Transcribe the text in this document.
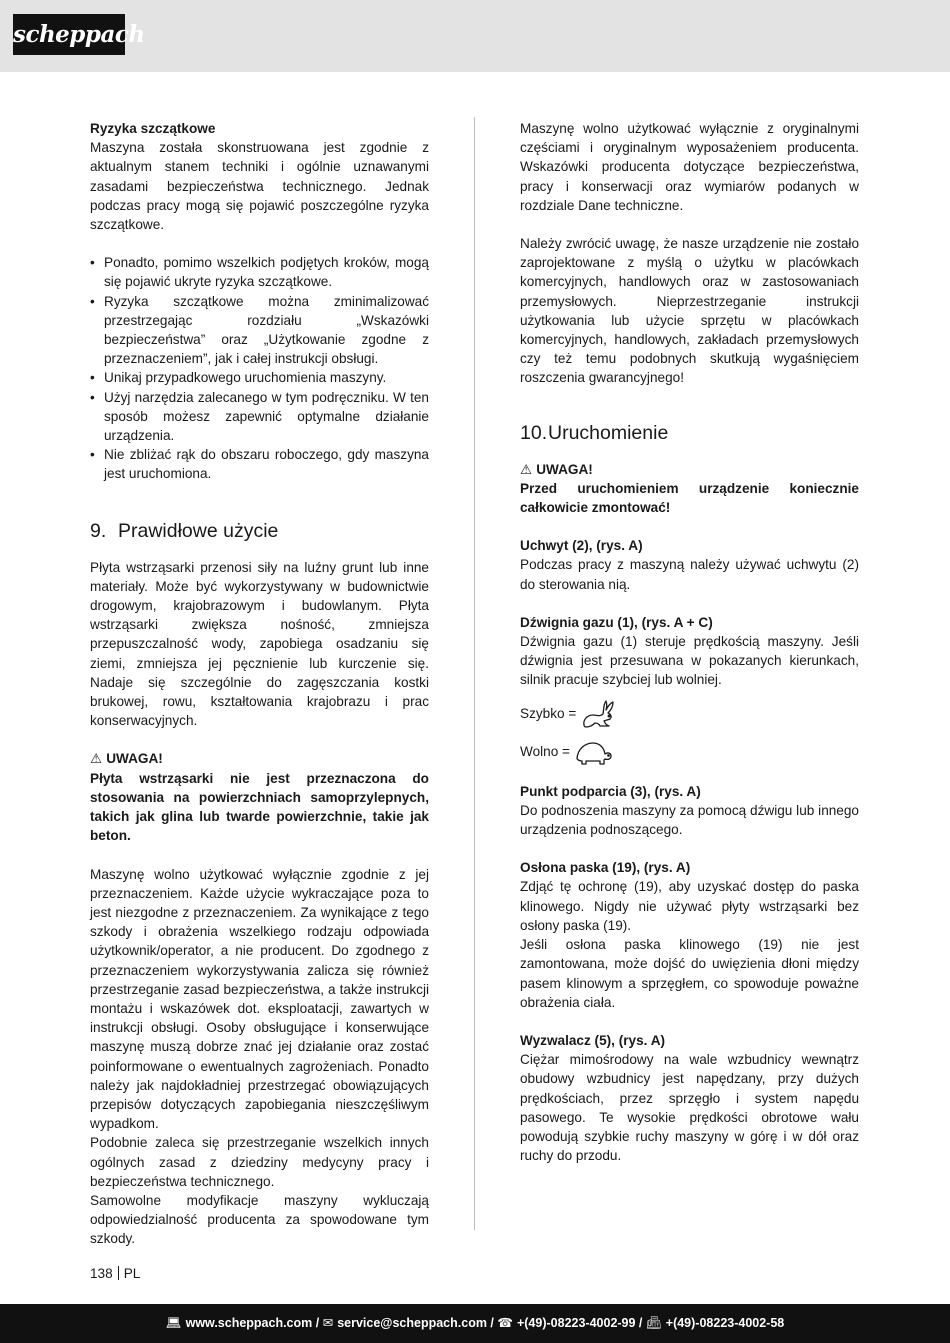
scheppach
Ryzyka szczątkowe

Maszyna została skonstruowana jest zgodnie z aktualnym stanem techniki i ogólnie uznawanymi zasadami bezpieczeństwa technicznego. Jednak podczas pracy mogą się pojawić poszczególne ryzyka szczątkowe.

• Ponadto, pomimo wszelkich podjętych kroków, mogą się pojawić ukryte ryzyka szczątkowe.
• Ryzyka szczątkowe można zminimalizować przestrzegając rozdziału „Wskazówki bezpieczeństwa” oraz „Użytkowanie zgodne z przeznaczeniem”, jak i całej instrukcji obsługi.
• Unikaj przypadkowego uruchomienia maszyny.
• Użyj narzędzia zalecanego w tym podręczniku. W ten sposób możesz zapewnić optymalne działanie urządzenia.
• Nie zbliżać rąk do obszaru roboczego, gdy maszyna jest uruchomiona.
9. Prawidłowe użycie

Płyta wstrząsarki przenosi siły na luźny grunt lub inne materiały. Może być wykorzystywany w budownictwie drogowym, krajobrazowym i budowlanym. Płyta wstrząsarki zwiększa nośność, zmniejsza przepuszczalność wody, zapobiega osadzaniu się ziemi, zmniejsza jej pęcznienie lub kurczenie się. Nadaje się szczególnie do zagęszczania kostki brukowej, rowu, kształtowania krajobrazu i prac konserwacyjnych.

⚠ UWAGA!

Płyta wstrząsarki nie jest przeznaczona do stosowania na powierzchniach samoprzylepnych, takich jak glina lub twarde powierzchnie, takie jak beton.

Maszynę wolno użytkować wyłącznie zgodnie z jej przeznaczeniem. Każde użycie wykraczające poza to jest niezgodne z przeznaczeniem. Za wynikające z tego szkody i obrażenia wszelkiego rodzaju odpowiada użytkownik/operator, a nie producent. Do zgodnego z przeznaczeniem wykorzystywania zalicza się również przestrzeganie zasad bezpieczeństwa, a także instrukcji montażu i wskazówek dot. eksploatacji, zawartych w instrukcji obsługi. Osoby obsługujące i konserwujące maszynę muszą dobrze znać jej działanie oraz zostać poinformowane o ewentualnych zagrożeniach. Ponadto należy jak najdokładniej przestrzegać obowiązujących przepisów dotyczących zapobiegania nieszczęśliwym wypadkom.

Podobnie zaleca się przestrzeganie wszelkich innych ogólnych zasad z dziedziny medycyny pracy i bezpieczeństwa technicznego.

Samowolne modyfikacje maszyny wykluczają odpowiedzialność producenta za spowodowane tym szkody.

Maszynę wolno użytkować wyłącznie z oryginalnymi częściami i oryginalnym wyposażeniem producenta. Wskazówki producenta dotyczące bezpieczeństwa, pracy i konserwacji oraz wymiarów podanych w rozdziale Dane techniczne.

Należy zwrócić uwagę, że nasze urządzenie nie zostało zaprojektowane z myślą o użytku w placówkach komercyjnych, handlowych oraz w zastosowaniach przemysłowych. Nieprzestrzeganie instrukcji użytkowania lub użycie sprzętu w placówkach komercyjnych, handlowych, zakładach przemysłowych czy też temu podobnych skutkują wygaśnięciem roszczenia gwarancyjnego!

10.Uruchomienie
⚠ UWAGA!

Przed uruchomieniem urządzenie koniecznie całkowicie zmontować!

Uchwyt (2), (rys. A)

Podczas pracy z maszyną należy używać uchwytu (2) do sterowania nią.

Dźwignia gazu (1), (rys. A + C)

Dźwignia gazu (1) steruje prędkością maszyny. Jeśli dźwignia jest przesuwana w pokazanych kierunkach, silnik pracuje szybciej lub wolniej.

Szybko =
Wolno =
Punkt podparcia (3), (rys. A)

Do podnoszenia maszyny za pomocą dźwigu lub innego urządzenia podnoszącego.

Osłona paska (19), (rys. A)

Zdjąć tę ochronę (19), aby uzyskać dostęp do paska klinowego. Nigdy nie używać płyty wstrząsarki bez osłony paska (19).

Jeśli osłona paska klinowego (19) nie jest zamontowana, może dojść do uwięzienia dłoni między pasem klinowym a sprzęgłem, co spowoduje poważne obrażenia ciała.

Wyzwalacz (5), (rys. A)

Ciężar mimośrodowy na wale wzbudnicy wewnątrz obudowy wzbudnicy jest napędzany, przy dużych prędkościach, przez sprzęgło i system napędu pasowego. Te wysokie prędkości obrotowe wału powodują szybkie ruchy maszyny w górę i w dół oraz ruchy do przodu.

138 PL
💻︎ www.scheppach.com / ✉ service@scheppach.com / ☎ +(49)-08223-4002-99 / 📠︎ +(49)-08223-4002-58
